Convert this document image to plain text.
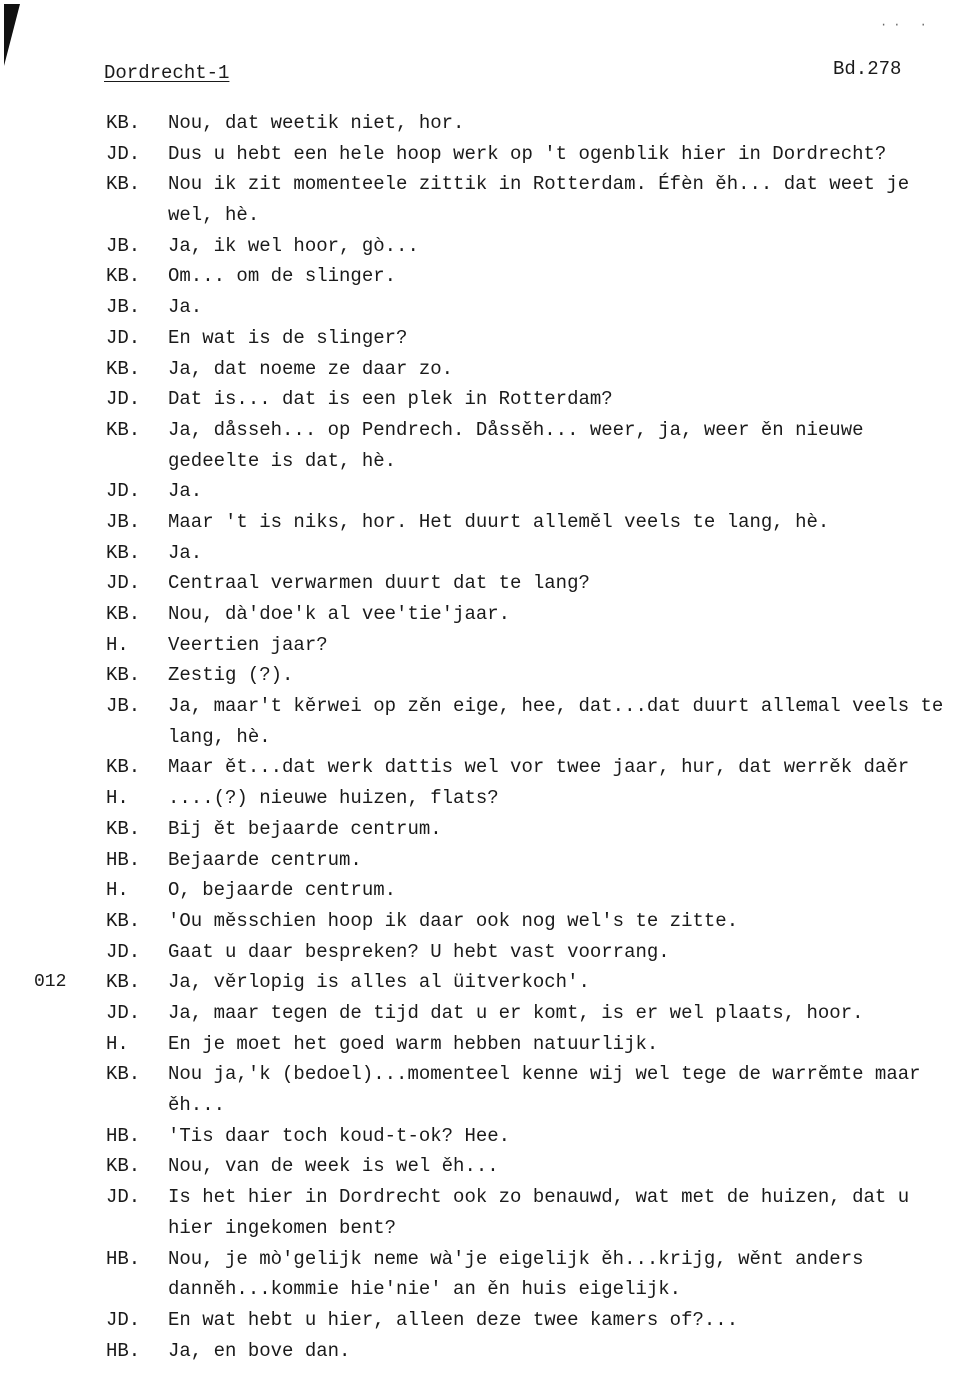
·· ·
Dordrecht-1	Bd.278
KB.	Nou, dat weetik niet, hor.
JD.	Dus u hebt een hele hoop werk op 't ogenblik hier in Dordrecht?
KB.	Nou ik zit momenteele zittik in Rotterdam. Éfèn ěh... dat weet je wel, hè.
JB.	Ja, ik wel hoor, gò...
KB.	Om... om de slinger.
JB.	Ja.
JD.	En wat is de slinger?
KB.	Ja, dat noeme ze daar zo.
JD.	Dat is... dat is een plek in Rotterdam?
KB.	Ja, dåsseh... op Pendrech. Dåssěh... weer, ja, weer ěn nieuwe gedeelte is dat, hè.
JD.	Ja.
JB.	Maar 't is niks, hor. Het duurt alleměl veels te lang, hè.
KB.	Ja.
JD.	Centraal verwarmen duurt dat te lang?
KB.	Nou, dà'doe'k al vee'tie'jaar.
H.	Veertien jaar?
KB.	Zestig (?).
JB.	Ja, maar't kěrwei op zěn eige, hee, dat...dat duurt allemal veels te lang, hè.
KB.	Maar ět...dat werk dattis wel vor twee jaar, hur, dat werrěk daěr
H.	....(?) nieuwe huizen, flats?
KB.	Bij ět bejaarde centrum.
HB.	Bejaarde centrum.
H.	O, bejaarde centrum.
KB.	'Ou měsschien hoop ik daar ook nog wel's te zitte.
JD.	Gaat u daar bespreken? U hebt vast voorrang.
012 KB.	Ja, věrlopig is alles al üitverkoch'.
JD.	Ja, maar tegen de tijd dat u er komt, is er wel plaats, hoor.
H.	En je moet het goed warm hebben natuurlijk.
KB.	Nou ja,'k (bedoel)...momenteel kenne wij wel tege de warrěmte maar ěh...
HB.	'Tis daar toch koud-t-ok? Hee.
KB.	Nou, van de week is wel ěh...
JD.	Is het hier in Dordrecht ook zo benauwd, wat met de huizen, dat u hier ingekomen bent?
HB.	Nou, je mò'gelijk neme wà'je eigelijk ěh...krijg, wěnt anders danněh...kommie hie'nie' an ěn huis eigelijk.
JD.	En wat hebt u hier, alleen deze twee kamers of?...
HB.	Ja, en bove dan.
